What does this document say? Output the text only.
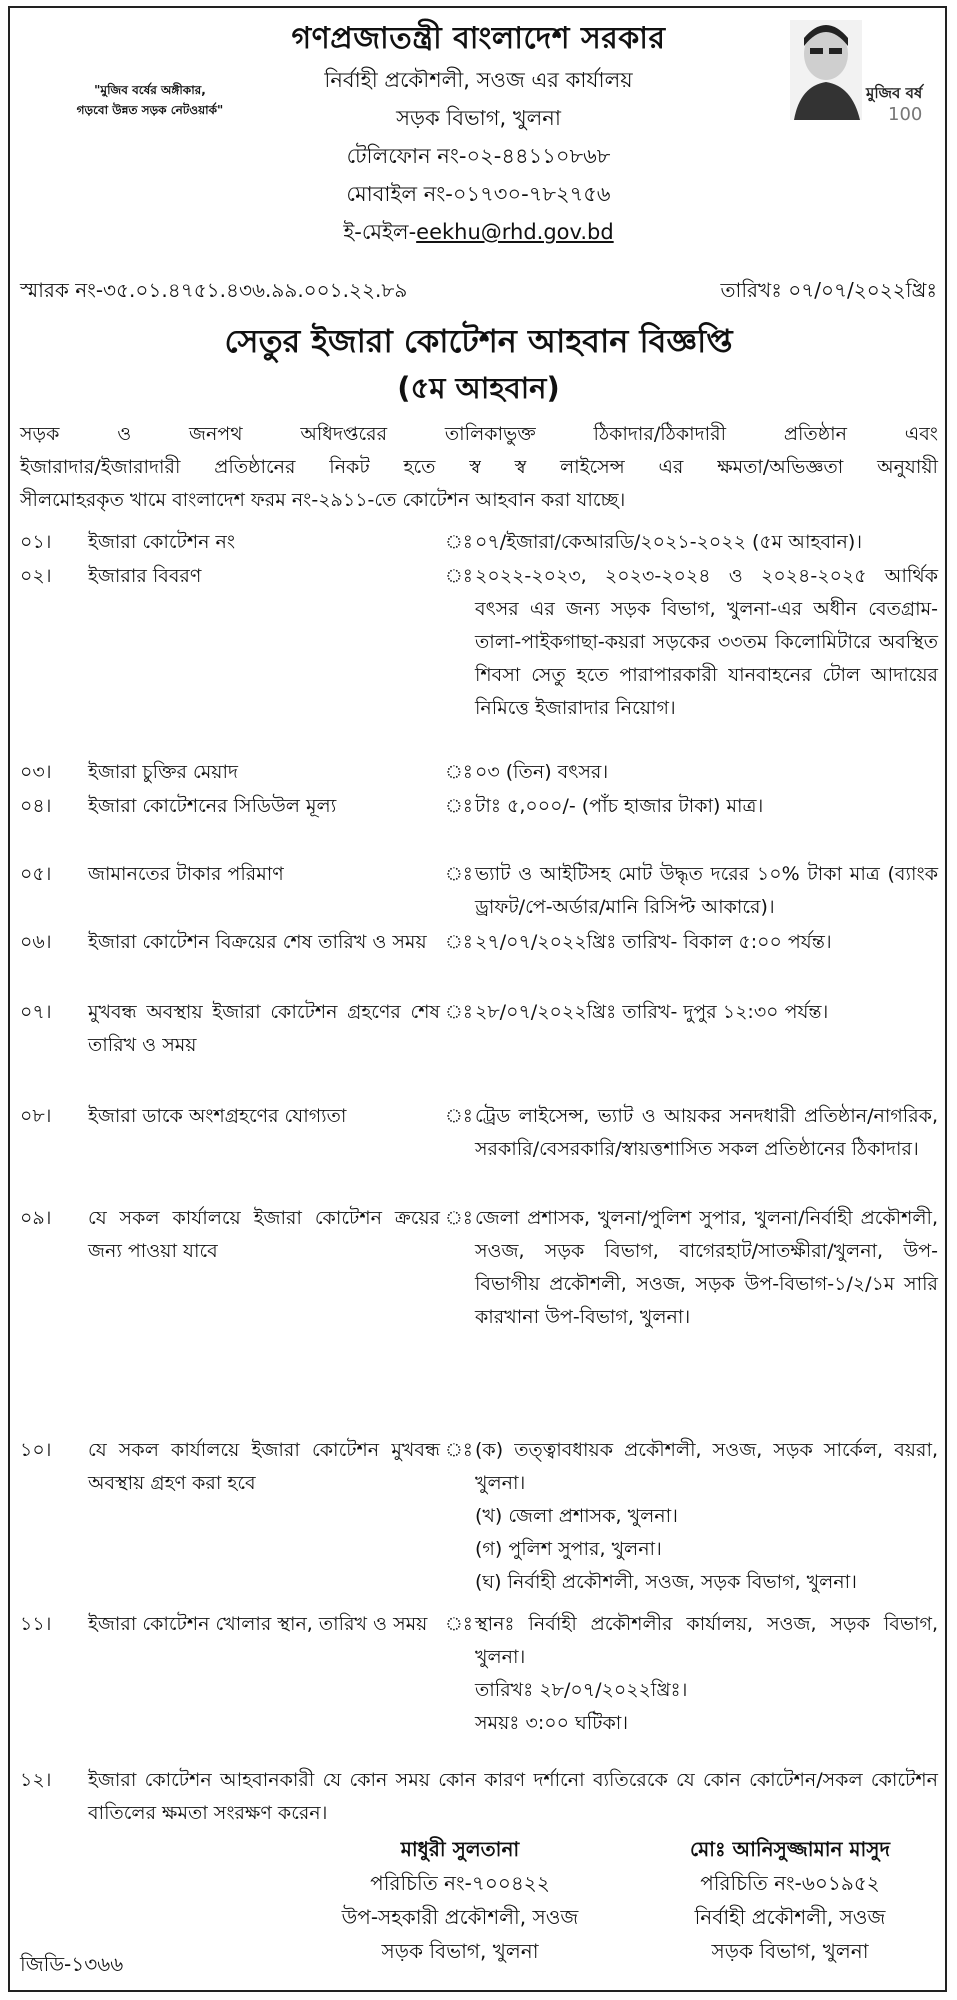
গণপ্রজাতন্ত্রী বাংলাদেশ সরকার
"মুজিব বর্ষের অঙ্গীকার,
গড়বো উন্নত সড়ক নেটওয়ার্ক"
মুজিব বর্ষ
100
নির্বাহী প্রকৌশলী, সওজ এর কার্যালয়
সড়ক বিভাগ, খুলনা
টেলিফোন নং-০২-৪৪১১০৮৬৮
মোবাইল নং-০১৭৩০-৭৮২৭৫৬
ই-মেইল-eekhu@rhd.gov.bd
স্মারক নং-৩৫.০১.৪৭৫১.৪৩৬.৯৯.০০১.২২.৮৯	তারিখঃ ০৭/০৭/২০২২খ্রিঃ
সেতুর ইজারা কোটেশন আহবান বিজ্ঞপ্তি
(৫ম আহবান)
সড়ক ও জনপথ অধিদপ্তরের তালিকাভুক্ত ঠিকাদার/ঠিকাদারী প্রতিষ্ঠান এবং
ইজারাদার/ইজারাদারী প্রতিষ্ঠানের নিকট হতে স্ব স্ব লাইসেন্স এর ক্ষমতা/অভিজ্ঞতা অনুযায়ী
সীলমোহরকৃত খামে বাংলাদেশ ফরম নং-২৯১১-তে কোটেশন আহবান করা যাচ্ছে।
০১।	ইজারা কোটেশন নং	ঃ ০৭/ইজারা/কেআরডি/২০২১-২০২২ (৫ম আহবান)।
০২।	ইজারার বিবরণ	ঃ ২০২২-২০২৩, ২০২৩-২০২৪ ও ২০২৪-২০২৫ আর্থিক বৎসর এর জন্য সড়ক বিভাগ, খুলনা-এর অধীন বেতগ্রাম-তালা-পাইকগাছা-কয়রা সড়কের ৩৩তম কিলোমিটারে অবস্থিত শিবসা সেতু হতে পারাপারকারী যানবাহনের টোল আদায়ের নিমিত্তে ইজারাদার নিয়োগ।
০৩।	ইজারা চুক্তির মেয়াদ	ঃ ০৩ (তিন) বৎসর।
০৪।	ইজারা কোটেশনের সিডিউল মূল্য	ঃ টাঃ ৫,০০০/- (পাঁচ হাজার টাকা) মাত্র।
০৫।	জামানতের টাকার পরিমাণ	ঃ ভ্যাট ও আইটিসহ মোট উদ্ধৃত দরের ১০% টাকা মাত্র (ব্যাংক ড্রাফট/পে-অর্ডার/মানি রিসিপ্ট আকারে)।
০৬।	ইজারা কোটেশন বিক্রয়ের শেষ তারিখ ও সময় ঃ ২৭/০৭/২০২২খ্রিঃ তারিখ- বিকাল ৫:০০ পর্যন্ত।
০৭।	মুখবন্ধ অবস্থায় ইজারা কোটেশন গ্রহণের শেষ তারিখ ও সময়
ঃ ২৮/০৭/২০২২খ্রিঃ তারিখ- দুপুর ১২:৩০ পর্যন্ত।
০৮।	ইজারা ডাকে অংশগ্রহণের যোগ্যতা	ঃ ট্রেড লাইসেন্স, ভ্যাট ও আয়কর সনদধারী প্রতিষ্ঠান/নাগরিক, সরকারি/বেসরকারি/স্বায়ত্তশাসিত সকল প্রতিষ্ঠানের ঠিকাদার।
০৯।	যে সকল কার্যালয়ে ইজারা কোটেশন ক্রয়ের জন্য পাওয়া যাবে
ঃ জেলা প্রশাসক, খুলনা/পুলিশ সুপার, খুলনা/নির্বাহী প্রকৌশলী, সওজ, সড়ক বিভাগ, বাগেরহাট/সাতক্ষীরা/খুলনা, উপ-বিভাগীয় প্রকৌশলী, সওজ, সড়ক উপ-বিভাগ-১/২/১ম সারি কারখানা উপ-বিভাগ, খুলনা।
১০।	যে সকল কার্যালয়ে ইজারা কোটেশন মুখবন্ধ অবস্থায় গ্রহণ করা হবে
ঃ (ক) তত্ত্বাবধায়ক প্রকৌশলী, সওজ, সড়ক সার্কেল, বয়রা, খুলনা।
(খ) জেলা প্রশাসক, খুলনা।
(গ) পুলিশ সুপার, খুলনা।
(ঘ) নির্বাহী প্রকৌশলী, সওজ, সড়ক বিভাগ, খুলনা।
১১।	ইজারা কোটেশন খোলার স্থান, তারিখ ও সময় ঃ স্থানঃ নির্বাহী প্রকৌশলীর কার্যালয়, সওজ, সড়ক বিভাগ, খুলনা।
তারিখঃ ২৮/০৭/২০২২খ্রিঃ।
সময়ঃ ৩:০০ ঘটিকা।
১২।	ইজারা কোটেশন আহবানকারী যে কোন সময় কোন কারণ দর্শানো ব্যতিরেকে যে কোন কোটেশন/সকল কোটেশন বাতিলের ক্ষমতা সংরক্ষণ করেন।
মাধুরী সুলতানা
পরিচিতি নং-৭০০৪২২
উপ-সহকারী প্রকৌশলী, সওজ
সড়ক বিভাগ, খুলনা
মোঃ আনিসুজ্জামান মাসুদ
পরিচিতি নং-৬০১৯৫২
নির্বাহী প্রকৌশলী, সওজ
সড়ক বিভাগ, খুলনা
জিডি-১৩৬৬
